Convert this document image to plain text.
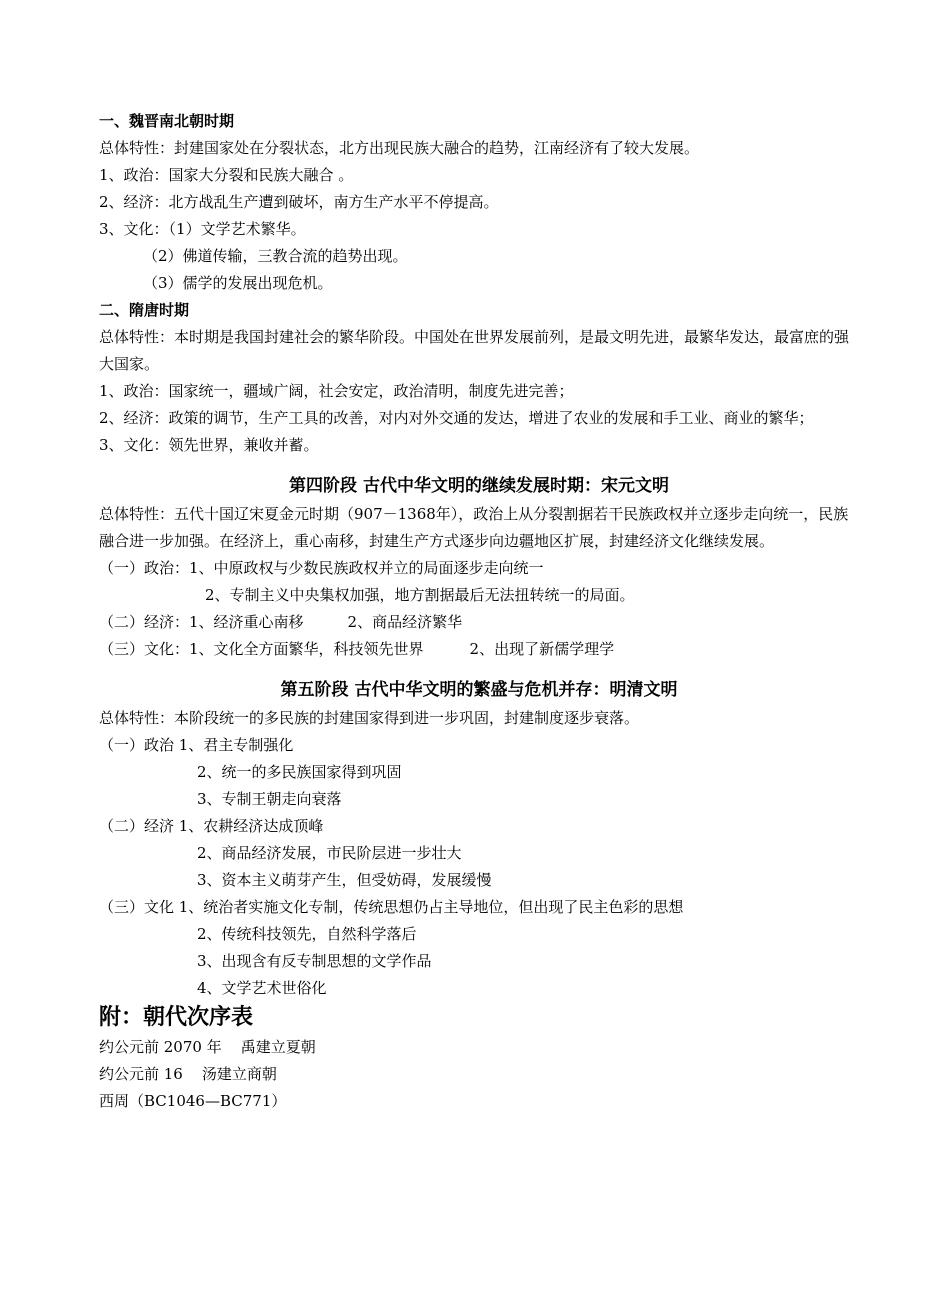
一、魏晋南北朝时期
总体特性：封建国家处在分裂状态，北方出现民族大融合的趋势，江南经济有了较大发展。
1、政治：国家大分裂和民族大融合 。
2、经济：北方战乱生产遭到破坏，南方生产水平不停提高。
3、文化：（1）文学艺术繁华。
（2）佛道传输，三教合流的趋势出现。
（3）儒学的发展出现危机。
二、隋唐时期
总体特性：本时期是我国封建社会的繁华阶段。中国处在世界发展前列，是最文明先进，最繁华发达，最富庶的强大国家。
1、政治：国家统一，疆域广阔，社会安定，政治清明，制度先进完善；
2、经济：政策的调节，生产工具的改善，对内对外交通的发达，增进了农业的发展和手工业、商业的繁华；
3、文化：领先世界，兼收并蓄。
第四阶段 古代中华文明的继续发展时期：宋元文明
总体特性：五代十国辽宋夏金元时期（907－1368年），政治上从分裂割据若干民族政权并立逐步走向统一，民族融合进一步加强。在经济上，重心南移，封建生产方式逐步向边疆地区扩展，封建经济文化继续发展。
（一）政治：1、中原政权与少数民族政权并立的局面逐步走向统一
2、专制主义中央集权加强，地方割据最后无法扭转统一的局面。
（二）经济：1、经济重心南移	2、商品经济繁华
（三）文化：1、文化全方面繁华，科技领先世界	2、出现了新儒学理学
第五阶段 古代中华文明的繁盛与危机并存：明清文明
总体特性：本阶段统一的多民族的封建国家得到进一步巩固，封建制度逐步衰落。
（一）政治 1、君主专制强化
2、统一的多民族国家得到巩固
3、专制王朝走向衰落
（二）经济 1、农耕经济达成顶峰
2、商品经济发展，市民阶层进一步壮大
3、资本主义萌芽产生，但受妨碍，发展缓慢
（三）文化 1、统治者实施文化专制，传统思想仍占主导地位，但出现了民主色彩的思想
2、传统科技领先，自然科学落后
3、出现含有反专制思想的文学作品
4、文学艺术世俗化
附：朝代次序表
约公元前 2070 年    禹建立夏朝
约公元前 16    汤建立商朝
西周（BC1046—BC771）
